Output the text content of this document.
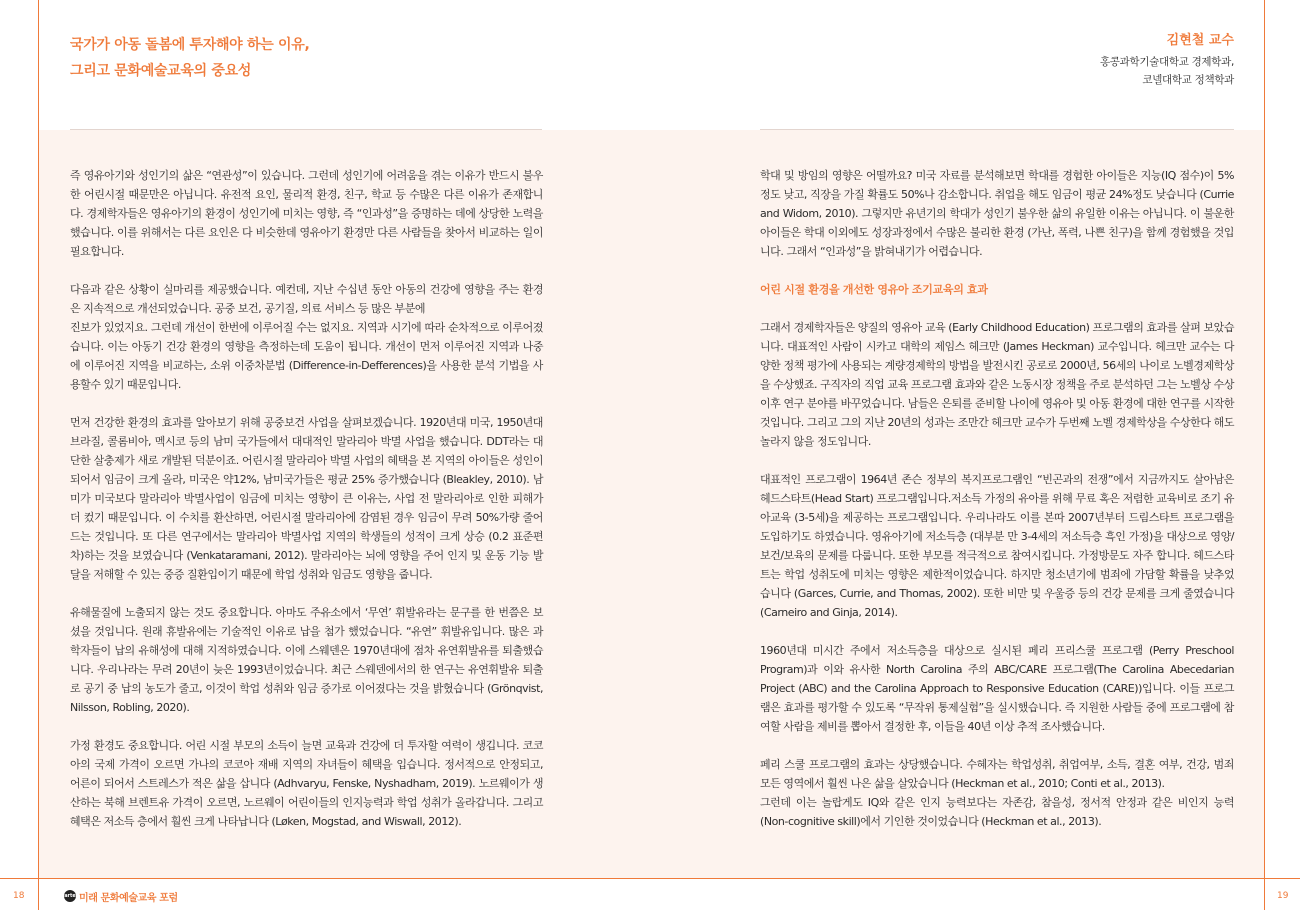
국가가 아동 돌봄에 투자해야 하는 이유,
그리고 문화예술교육의 중요성
김현철 교수
홍콩과학기술대학교 경제학과,
코넬대학교 정책학과

즉 영유아기와 성인기의 삶은 “연관성”이 있습니다. 그런데 성인기에 어려움을 겪는 이유가 반드시 불우한 어린시절 때문만은 아닙니다. 유전적 요인, 물리적 환경, 친구, 학교 등 수많은 다른 이유가 존재합니다. 경제학자들은 영유아기의 환경이 성인기에 미치는 영향, 즉 “인과성”을 증명하는 데에 상당한 노력을 했습니다. 이를 위해서는 다른 요인은 다 비슷한데 영유아기 환경만 다른 사람들을 찾아서 비교하는 일이 필요합니다.

다음과 같은 상황이 실마리를 제공했습니다. 예컨데, 지난 수십년 동안 아동의 건강에 영향을 주는 환경은 지속적으로 개선되었습니다. 공중 보건, 공기질, 의료 서비스 등 많은 부분에

진보가 있었지요. 그런데 개선이 한번에 이루어질 수는 없지요. 지역과 시기에 따라 순차적으로 이루어졌습니다. 이는 아동기 건강 환경의 영향을 측정하는데 도움이 됩니다. 개선이 먼저 이루어진 지역과 나중에 이루어진 지역을 비교하는, 소위 이중차분법 (Difference-in-Defferences)을 사용한 분석 기법을 사용할수 있기 때문입니다.

먼저 건강한 환경의 효과를 알아보기 위해 공중보건 사업을 살펴보겠습니다. 1920년대 미국, 1950년대 브라질, 콜롬비아, 멕시코 등의 남미 국가들에서 대대적인 말라리아 박멸 사업을 했습니다. DDT라는 대단한 살충제가 새로 개발된 덕분이죠. 어린시절 말라리아 박멸 사업의 혜택을 본 지역의 아이들은 성인이 되어서 임금이 크게 올라, 미국은 약12%, 남미국가들은 평균 25% 증가했습니다 (Bleakley, 2010). 남미가 미국보다 말라리아 박멸사업이 임금에 미치는 영향이 큰 이유는, 사업 전 말라리아로 인한 피해가 더 컸기 때문입니다. 이 수치를 환산하면, 어린시절 말라리아에 감염된 경우 임금이 무려 50%가량 줄어드는 것입니다. 또 다른 연구에서는 말라리아 박멸사업 지역의 학생들의 성적이 크게 상승 (0.2 표준편차)하는 것을 보였습니다 (Venkataramani, 2012). 말라리아는 뇌에 영향을 주어 인지 및 운동 기능 발달을 저해할 수 있는 중증 질환입이기 때문에 학업 성취와 임금도 영향을 줍니다.

유해물질에 노출되지 않는 것도 중요합니다. 아마도 주유소에서 ‘무연’ 휘발유라는 문구를 한 번쯤은 보셨을 것입니다. 원래 휴발유에는 기술적인 이유로 납을 첨가 했었습니다. “유연” 휘발유입니다. 많은 과학자들이 납의 유해성에 대해 지적하였습니다. 이에 스웨덴은 1970년대에 점차 유연휘발유를 퇴출했습니다. 우리나라는 무려 20년이 늦은 1993년이었습니다. 최근 스웨덴에서의 한 연구는 유연휘발유 퇴출로 공기 중 납의 농도가 줄고, 이것이 학업 성취와 임금 증가로 이어졌다는 것을 밝혔습니다 (Grönqvist, Nilsson, Robling, 2020).

가정 환경도 중요합니다. 어린 시절 부모의 소득이 늘면 교육과 건강에 더 투자할 여력이 생깁니다. 코코아의 국제 가격이 오르면 가나의 코코아 재배 지역의 자녀들이 혜택을 입습니다. 정서적으로 안정되고, 어른이 되어서 스트레스가 적은 삶을 삽니다 (Adhvaryu, Fenske, Nyshadham, 2019). 노르웨이가 생산하는 북해 브렌트유 가격이 오르면, 노르웨이 어린이들의 인지능력과 학업 성취가 올라갑니다. 그리고 혜택은 저소득 층에서 훨씬 크게 나타납니다 (Løken, Mogstad, and Wiswall, 2012).

학대 및 방임의 영향은 어떨까요? 미국 자료를 분석해보면 학대를 경험한 아이들은 지능(IQ 점수)이 5%정도 낮고, 직장을 가질 확률도 50%나 감소합니다. 취업을 해도 임금이 평균 24%정도 낮습니다 (Currie and Widom, 2010). 그렇지만 유년기의 학대가 성인기 불우한 삶의 유일한 이유는 아닙니다. 이 불운한 아이들은 학대 이외에도 성장과정에서 수많은 불리한 환경 (가난, 폭력, 나쁜 친구)을 함께 경험했을 것입니다. 그래서 “인과성”을 밝혀내기가 어렵습니다.

어린 시절 환경을 개선한 영유아 조기교육의 효과

그래서 경제학자들은 양질의 영유아 교육 (Early Childhood Education) 프로그램의 효과를 살펴 보았습니다. 대표적인 사람이 시카고 대학의 제임스 헤크만 (James Heckman) 교수입니다. 헤크만 교수는 다양한 정책 평가에 사용되는 계량경제학의 방법을 발전시킨 공로로 2000년, 56세의 나이로 노벨경제학상을 수상했죠. 구직자의 직업 교육 프로그램 효과와 같은 노동시장 정책을 주로 분석하던 그는 노벨상 수상 이후 연구 분야를 바꾸었습니다. 남들은 은퇴를 준비할 나이에 영유아 및 아동 환경에 대한 연구를 시작한 것입니다. 그리고 그의 지난 20년의 성과는 조만간 헤크만 교수가 두번째 노벨 경제학상을 수상한다 해도 놀라지 않을 정도입니다.

대표적인 프로그램이 1964년 존슨 정부의 복지프로그램인 “빈곤과의 전쟁”에서 지금까지도 살아남은 헤드스타트(Head Start) 프로그램입니다.저소득 가정의 유아를 위해 무료 혹은 저렴한 교육비로 조기 유아교육 (3-5세)을 제공하는 프로그램입니다. 우리나라도 이를 본따 2007년부터 드림스타트 프로그램을 도입하기도 하였습니다. 영유아기에 저소득층 (대부분 만 3-4세의 저소득층 흑인 가정)을 대상으로 영양/보건/보육의 문제를 다룹니다. 또한 부모를 적극적으로 참여시킵니다. 가정방문도 자주 합니다. 헤드스타트는 학업 성취도에 미치는 영향은 제한적이었습니다. 하지만 청소년기에 범죄에 가담할 확률을 낮추었습니다 (Garces, Currie, and Thomas, 2002). 또한 비만 및 우울증 등의 건강 문제를 크게 줄였습니다 (Carneiro and Ginja, 2014).

1960년대 미시간 주에서 저소득층을 대상으로 실시된 페리 프리스쿨 프로그램 (Perry Preschool Program)과 이와 유사한 North Carolina 주의 ABC/CARE 프로그램(The Carolina Abecedarian Project (ABC) and the Carolina Approach to Responsive Education (CARE))입니다. 이들 프로그램은 효과를 평가할 수 있도록 “무작위 통제실험”을 실시했습니다. 즉 지원한 사람들 중에 프로그램에 참여할 사람을 제비를 뽑아서 결정한 후, 이들을 40년 이상 추적 조사했습니다.

페리 스쿨 프로그램의 효과는 상당했습니다. 수혜자는 학업성취, 취업여부, 소득, 결혼 여부, 건강, 범죄 모든 영역에서 훨씬 나은 삶을 살았습니다 (Heckman et al., 2010; Conti et al., 2013).

그런데 이는 놀랍게도 IQ와 같은 인지 능력보다는 자존감, 참을성, 정서적 안정과 같은 비인지 능력 (Non-cognitive skill)에서 기인한 것이었습니다 (Heckman et al., 2013).

18	19
arte 미래 문화예술교육 포럼
